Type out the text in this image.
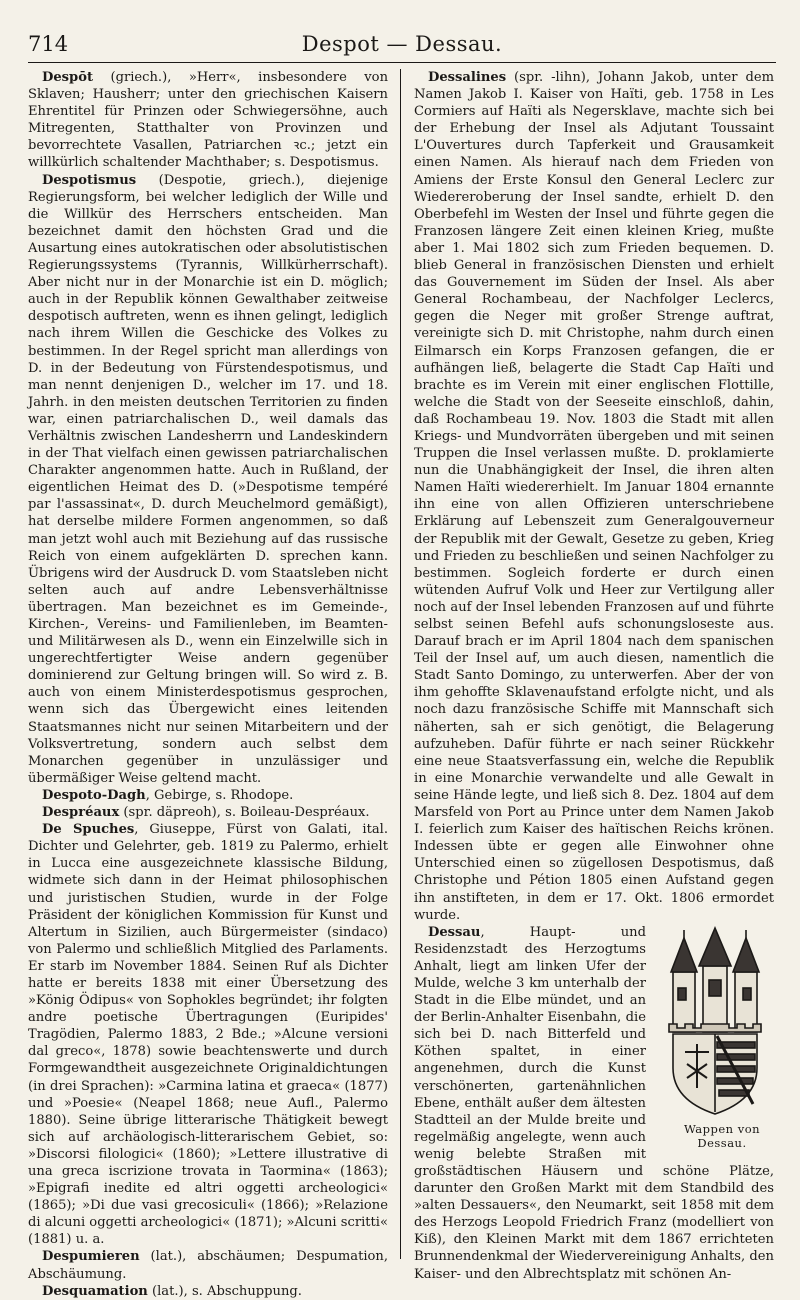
714	Despot — Dessau.

Despōt (griech.), »Herr«, insbesondere von Sklaven; Hausherr; unter den griechischen Kaisern Ehrentitel für Prinzen oder Schwiegersöhne, auch Mitregenten, Statthalter von Provinzen und bevorrechtete Vasallen, Patriarchen ꝛc.; jetzt ein willkürlich schaltender Machthaber; s. Despotismus.

Despotismus (Despotie, griech.), diejenige Regierungsform, bei welcher lediglich der Wille und die Willkür des Herrschers entscheiden. Man bezeichnet damit den höchsten Grad und die Ausartung eines autokratischen oder absolutistischen Regierungssystems (Tyrannis, Willkürherrschaft). Aber nicht nur in der Monarchie ist ein D. möglich; auch in der Republik können Gewalthaber zeitweise despotisch auftreten, wenn es ihnen gelingt, lediglich nach ihrem Willen die Geschicke des Volkes zu bestimmen. In der Regel spricht man allerdings von D. in der Bedeutung von Fürstendespotismus, und man nennt denjenigen D., welcher im 17. und 18. Jahrh. in den meisten deutschen Territorien zu finden war, einen patriarchalischen D., weil damals das Verhältnis zwischen Landesherrn und Landeskindern in der That vielfach einen gewissen patriarchalischen Charakter angenommen hatte. Auch in Rußland, der eigentlichen Heimat des D. (»Despotisme tempéré par l'assassinat«, D. durch Meuchelmord gemäßigt), hat derselbe mildere Formen angenommen, so daß man jetzt wohl auch mit Beziehung auf das russische Reich von einem aufgeklärten D. sprechen kann. Übrigens wird der Ausdruck D. vom Staatsleben nicht selten auch auf andre Lebensverhältnisse übertragen. Man bezeichnet es im Gemeinde-, Kirchen-, Vereins- und Familienleben, im Beamten- und Militärwesen als D., wenn ein Einzelwille sich in ungerechtfertigter Weise andern gegenüber dominierend zur Geltung bringen will. So wird z. B. auch von einem Ministerdespotismus gesprochen, wenn sich das Übergewicht eines leitenden Staatsmannes nicht nur seinen Mitarbeitern und der Volksvertretung, sondern auch selbst dem Monarchen gegenüber in unzulässiger und übermäßiger Weise geltend macht.

Despoto-Dagh, Gebirge, s. Rhodope.

Despréaux (spr. däpreoh), s. Boileau-Despréaux.

De Spuches, Giuseppe, Fürst von Galati, ital. Dichter und Gelehrter, geb. 1819 zu Palermo, erhielt in Lucca eine ausgezeichnete klassische Bildung, widmete sich dann in der Heimat philosophischen und juristischen Studien, wurde in der Folge Präsident der königlichen Kommission für Kunst und Altertum in Sizilien, auch Bürgermeister (sindaco) von Palermo und schließlich Mitglied des Parlaments. Er starb im November 1884. Seinen Ruf als Dichter hatte er bereits 1838 mit einer Übersetzung des »König Ödipus« von Sophokles begründet; ihr folgten andre poetische Übertragungen (Euripides' Tragödien, Palermo 1883, 2 Bde.; »Alcune versioni dal greco«, 1878) sowie beachtenswerte und durch Formgewandtheit ausgezeichnete Originaldichtungen (in drei Sprachen): »Carmina latina et graeca« (1877) und »Poesie« (Neapel 1868; neue Aufl., Palermo 1880). Seine übrige litterarische Thätigkeit bewegt sich auf archäologisch-litterarischem Gebiet, so: »Discorsi filologici« (1860); »Lettere illustrative di una greca iscrizione trovata in Taormina« (1863); »Epigrafi inedite ed altri oggetti archeologici« (1865); »Di due vasi grecosiculi« (1866); »Relazione di alcuni oggetti archeologici« (1871); »Alcuni scritti« (1881) u. a.

Despumieren (lat.), abschäumen; Despumation, Abschäumung.

Desquamation (lat.), s. Abschuppung.

Dessalines (spr. -lihn), Johann Jakob, unter dem Namen Jakob I. Kaiser von Haïti, geb. 1758 in Les Cormiers auf Haïti als Negersklave, machte sich bei der Erhebung der Insel als Adjutant Toussaint L'Ouvertures durch Tapferkeit und Grausamkeit einen Namen. Als hierauf nach dem Frieden von Amiens der Erste Konsul den General Leclerc zur Wiedereroberung der Insel sandte, erhielt D. den Oberbefehl im Westen der Insel und führte gegen die Franzosen längere Zeit einen kleinen Krieg, mußte aber 1. Mai 1802 sich zum Frieden bequemen. D. blieb General in französischen Diensten und erhielt das Gouvernement im Süden der Insel. Als aber General Rochambeau, der Nachfolger Leclercs, gegen die Neger mit großer Strenge auftrat, vereinigte sich D. mit Christophe, nahm durch einen Eilmarsch ein Korps Franzosen gefangen, die er aufhängen ließ, belagerte die Stadt Cap Haïti und brachte es im Verein mit einer englischen Flottille, welche die Stadt von der Seeseite einschloß, dahin, daß Rochambeau 19. Nov. 1803 die Stadt mit allen Kriegs- und Mundvorräten übergeben und mit seinen Truppen die Insel verlassen mußte. D. proklamierte nun die Unabhängigkeit der Insel, die ihren alten Namen Haïti wiedererhielt. Im Januar 1804 ernannte ihn eine von allen Offizieren unterschriebene Erklärung auf Lebenszeit zum Generalgouverneur der Republik mit der Gewalt, Gesetze zu geben, Krieg und Frieden zu beschließen und seinen Nachfolger zu bestimmen. Sogleich forderte er durch einen wütenden Aufruf Volk und Heer zur Vertilgung aller noch auf der Insel lebenden Franzosen auf und führte selbst seinen Befehl aufs schonungsloseste aus. Darauf brach er im April 1804 nach dem spanischen Teil der Insel auf, um auch diesen, namentlich die Stadt Santo Domingo, zu unterwerfen. Aber der von ihm gehoffte Sklavenaufstand erfolgte nicht, und als noch dazu französische Schiffe mit Mannschaft sich näherten, sah er sich genötigt, die Belagerung aufzuheben. Dafür führte er nach seiner Rückkehr eine neue Staatsverfassung ein, welche die Republik in eine Monarchie verwandelte und alle Gewalt in seine Hände legte, und ließ sich 8. Dez. 1804 auf dem Marsfeld von Port au Prince unter dem Namen Jakob I. feierlich zum Kaiser des haïtischen Reichs krönen. Indessen übte er gegen alle Einwohner ohne Unterschied einen so zügellosen Despotismus, daß Christophe und Pétion 1805 einen Aufstand gegen ihn anstifteten, in dem er 17. Okt. 1806 ermordet wurde.

Wappen von
Dessau.
Dessau, Haupt- und Residenzstadt des Herzogtums Anhalt, liegt am linken Ufer der Mulde, welche 3 km unterhalb der Stadt in die Elbe mündet, und an der Berlin-Anhalter Eisenbahn, die sich bei D. nach Bitterfeld und Köthen spaltet, in einer angenehmen, durch die Kunst verschönerten, gartenähnlichen Ebene, enthält außer dem ältesten Stadtteil an der Mulde breite und regelmäßig angelegte, wenn auch wenig belebte Straßen mit großstädtischen Häusern und schöne Plätze, darunter den Großen Markt mit dem Standbild des »alten Dessauers«, den Neumarkt, seit 1858 mit dem des Herzogs Leopold Friedrich Franz (modelliert von Kiß), den Kleinen Markt mit dem 1867 errichteten Brunnendenkmal der Wiedervereinigung Anhalts, den Kaiser- und den Albrechtsplatz mit schönen An-
